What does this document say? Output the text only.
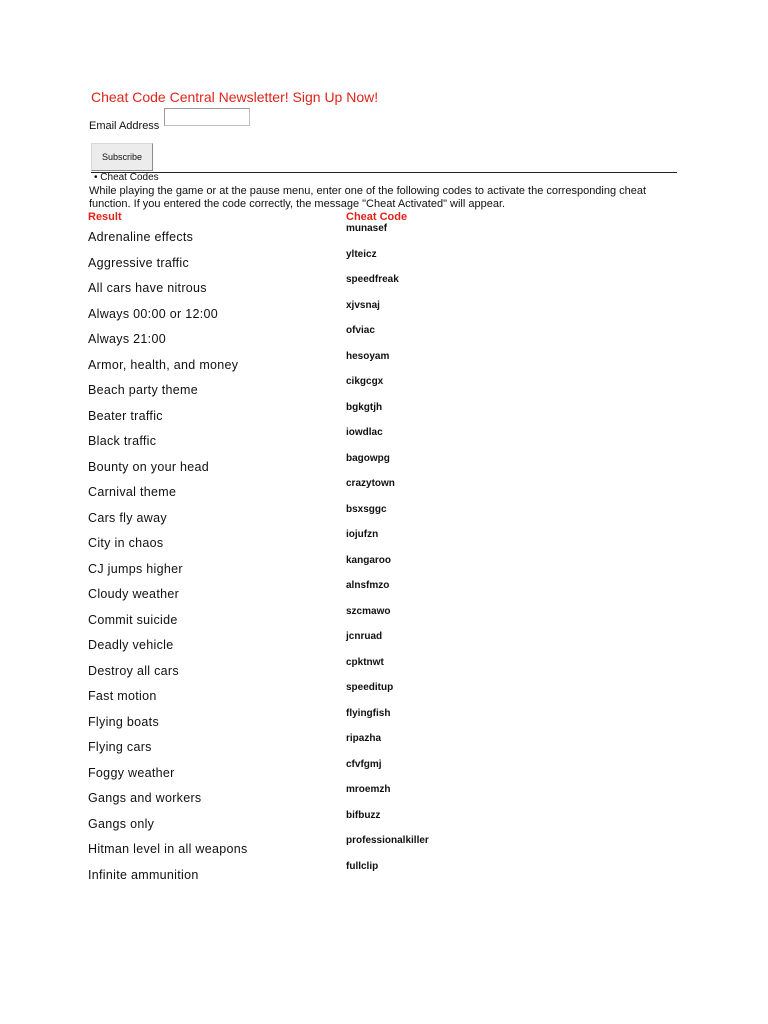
Cheat Code Central Newsletter! Sign Up Now!
Email Address
Subscribe
• Cheat Codes
While playing the game or at the pause menu, enter one of the following codes to activate the corresponding cheat function. If you entered the code correctly, the message "Cheat Activated" will appear.
Result	Cheat Code
Adrenaline effects
munasef
Aggressive traffic
ylteicz
All cars have nitrous
speedfreak
Always 00:00 or 12:00
xjvsnaj
Always 21:00
ofviac
Armor, health, and money
hesoyam
Beach party theme
cikgcgx
Beater traffic
bgkgtjh
Black traffic
iowdlac
Bounty on your head
bagowpg
Carnival theme
crazytown
Cars fly away
bsxsggc
City in chaos
iojufzn
CJ jumps higher
kangaroo
Cloudy weather
alnsfmzo
Commit suicide
szcmawo
Deadly vehicle
jcnruad
Destroy all cars
cpktnwt
Fast motion
speeditup
Flying boats
flyingfish
Flying cars
ripazha
Foggy weather
cfvfgmj
Gangs and workers
mroemzh
Gangs only
bifbuzz
Hitman level in all weapons
professionalkiller
Infinite ammunition
fullclip
